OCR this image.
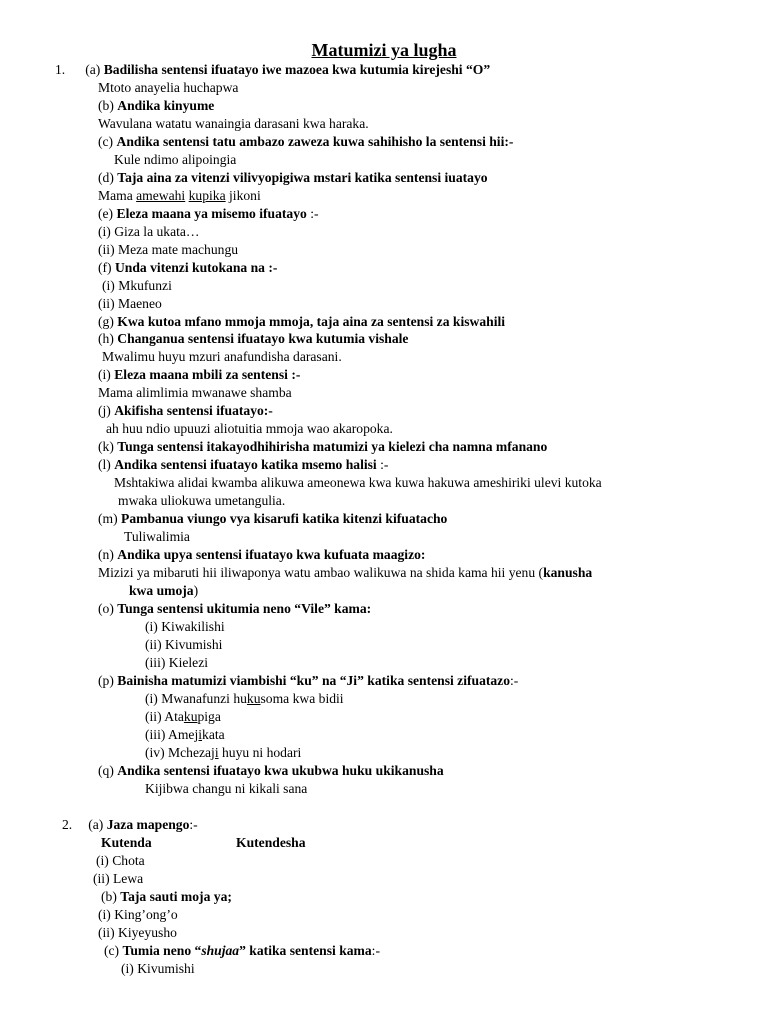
Matumizi ya lugha
1. (a) Badilisha sentensi ifuatayo iwe mazoea kwa kutumia kirejeshi “O”
Mtoto anayelia huchapwa
(b) Andika kinyume
Wavulana watatu wanaingia darasani kwa haraka.
(c) Andika sentensi tatu ambazo zaweza kuwa sahihisho la sentensi hii:-
Kule ndimo alipoingia
(d) Taja aina za vitenzi vilivyopigiwa mstari katika sentensi iuatayo
Mama amewahi kupika jikoni
(e) Eleza maana ya misemo ifuatayo :-
(i) Giza la ukata…
(ii) Meza mate machungu
(f) Unda vitenzi kutokana na :-
(i) Mkufunzi
(ii) Maeneo
(g) Kwa kutoa mfano mmoja mmoja, taja aina za sentensi za kiswahili
(h) Changanua sentensi ifuatayo kwa kutumia vishale
Mwalimu huyu mzuri anafundisha darasani.
(i) Eleza maana mbili za sentensi :-
Mama alimlimia mwanawe shamba
(j) Akifisha sentensi ifuatayo:-
ah huu ndio upuuzi aliotuitia mmoja wao akaropoka.
(k) Tunga sentensi itakayodhihirisha matumizi ya kielezi cha namna mfanano
(l) Andika sentensi ifuatayo katika msemo halisi :-
Mshtakiwa alidai kwamba alikuwa ameonewa kwa kuwa hakuwa ameshiriki ulevi kutoka
mwaka uliokuwa umetangulia.
(m) Pambanua viungo vya kisarufi katika kitenzi kifuatacho
Tuliwalimia
(n) Andika upya sentensi ifuatayo kwa kufuata maagizo:
Mizizi ya mibaruti hii iliwaponya watu ambao walikuwa na shida kama hii yenu (kanusha
kwa umoja)
(o) Tunga sentensi ukitumia neno “Vile” kama:
(i) Kiwakilishi
(ii) Kivumishi
(iii) Kielezi
(p) Bainisha matumizi viambishi “ku” na “Ji” katika sentensi zifuatazo:-
(i) Mwanafunzi hukusoma kwa bidii
(ii) Atakupiga
(iii) Amejikata
(iv) Mchezaji huyu ni hodari
(q) Andika sentensi ifuatayo kwa ukubwa huku ukikanusha
Kijibwa changu ni kikali sana
2. (a) Jaza mapengo:-
Kutenda	Kutendesha
(i) Chota
(ii) Lewa
(b) Taja sauti moja ya;
(i) King’ong’o
(ii) Kiyeyusho
(c) Tumia neno “shujaa” katika sentensi kama:-
(i) Kivumishi
